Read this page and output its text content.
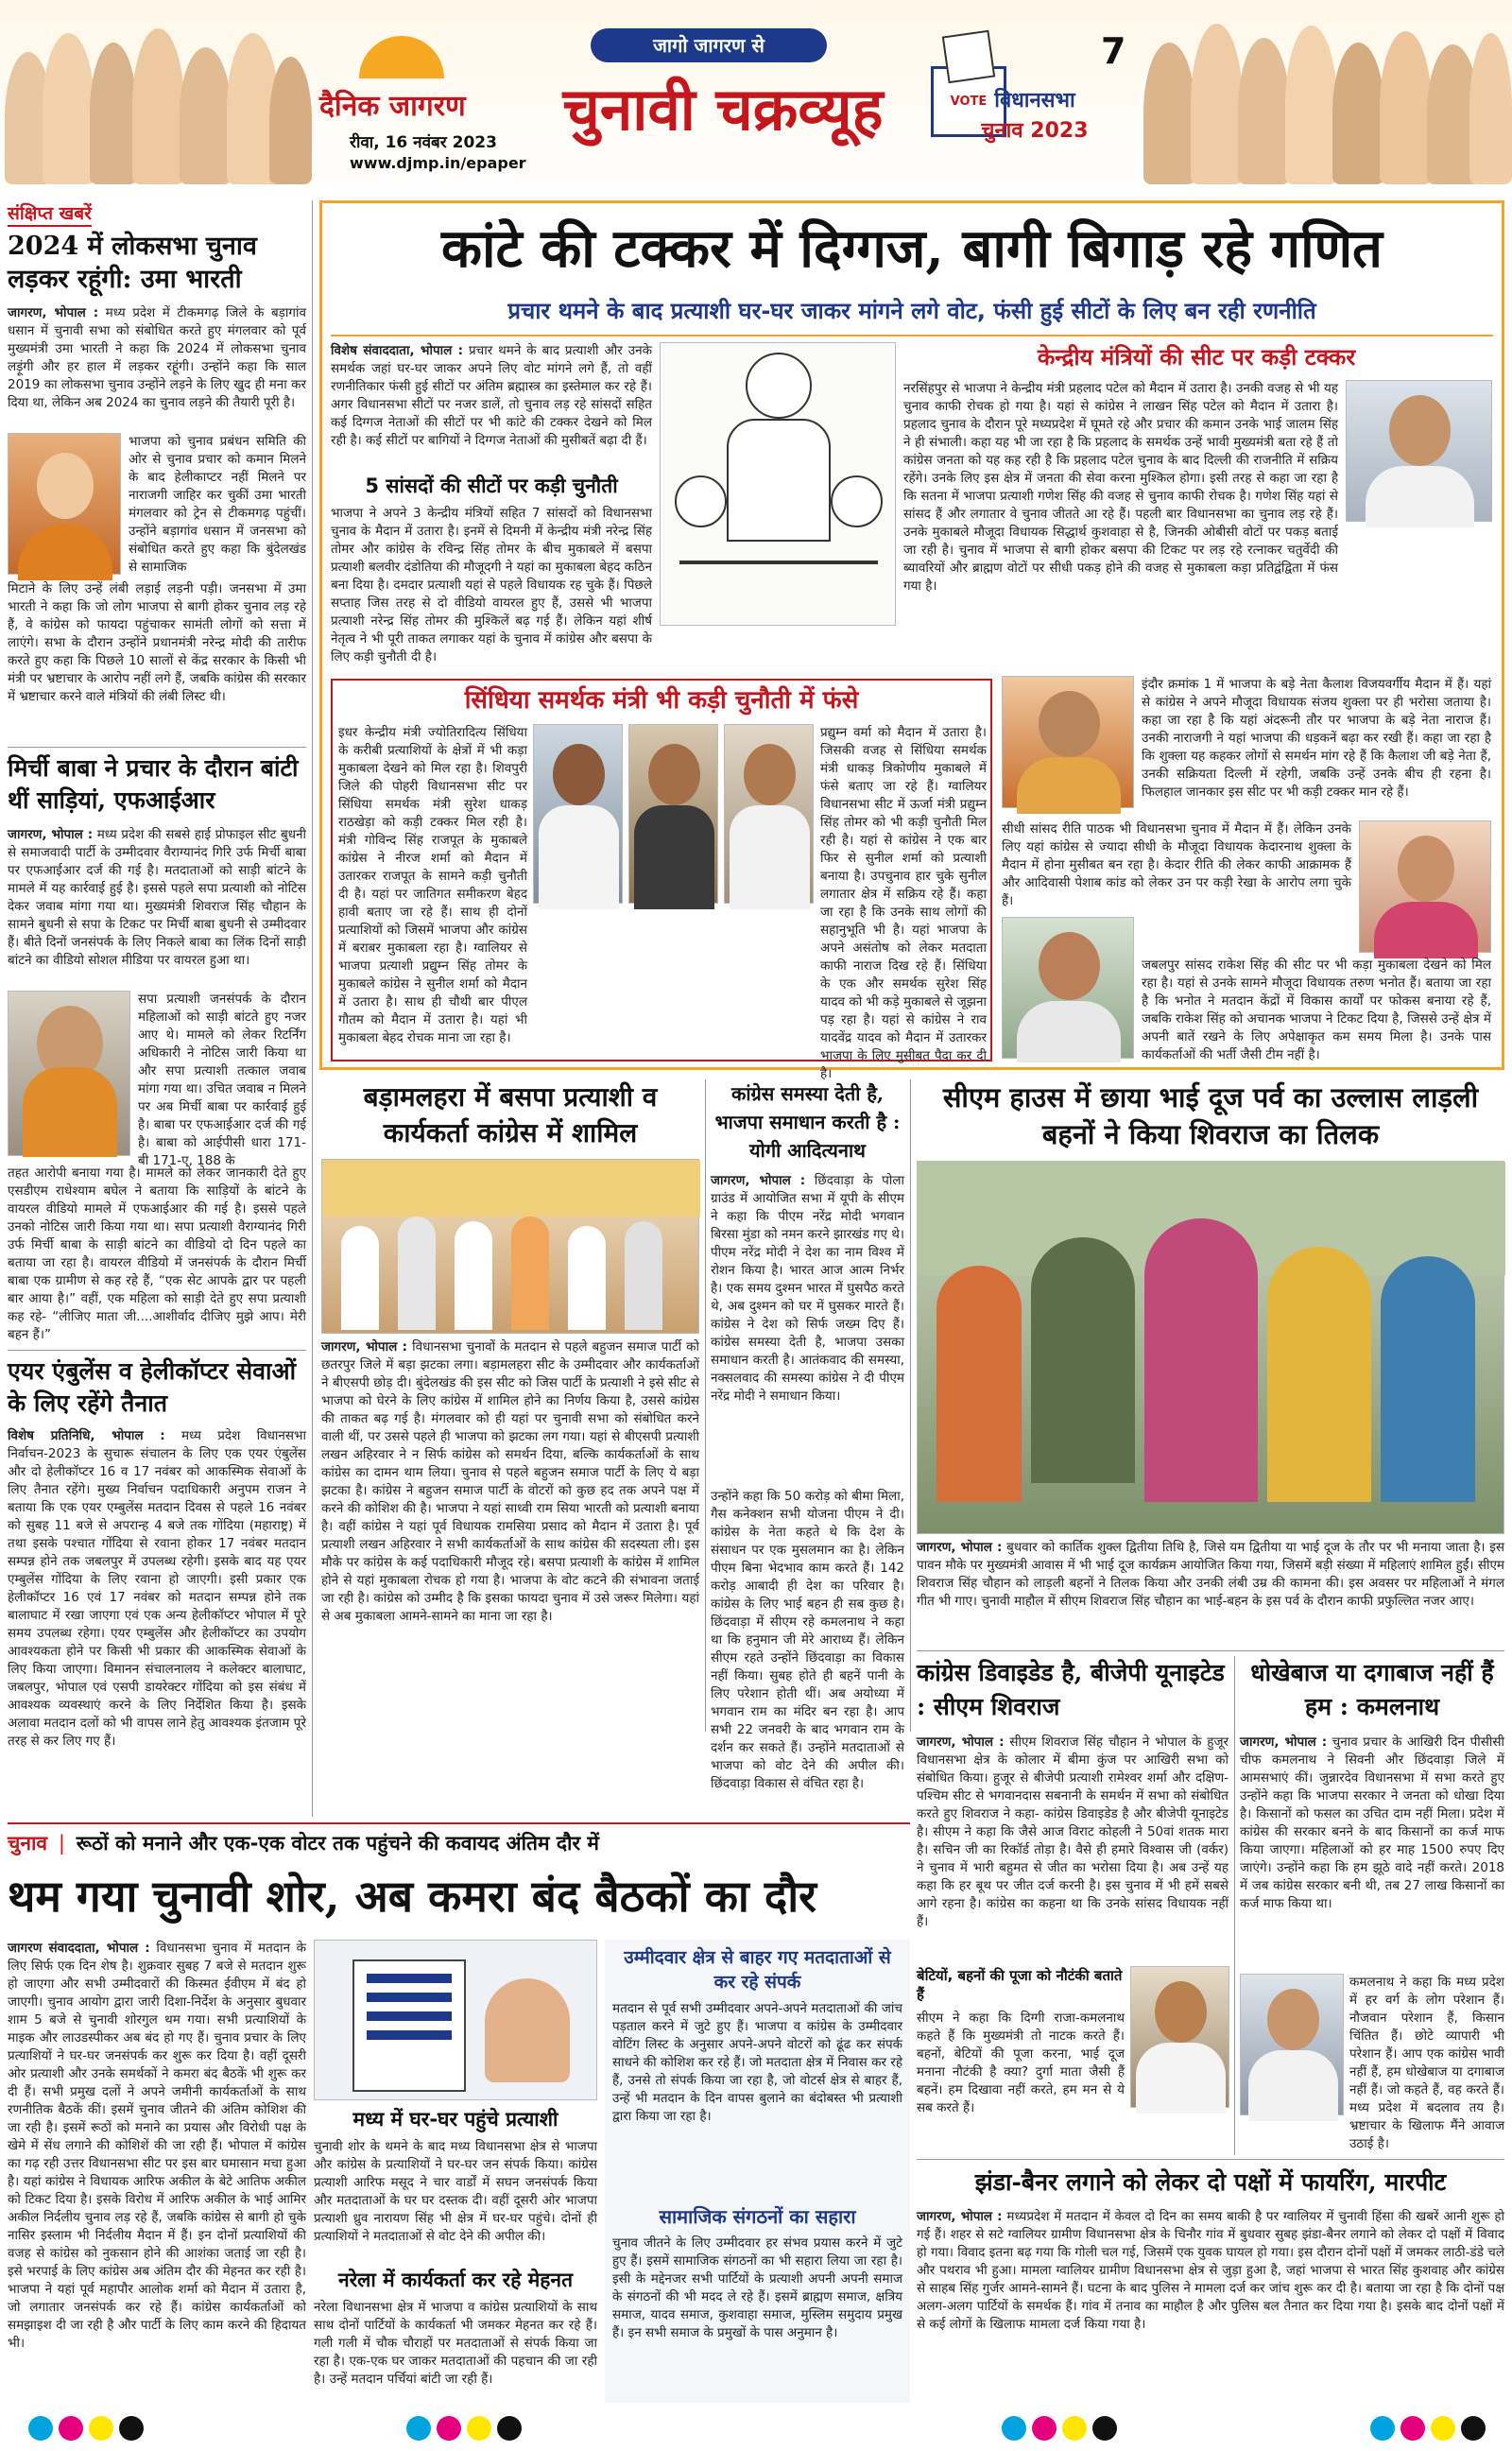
दैनिक जागरण
रीवा, 16 नवंबर 2023
www.djmp.in/epaper
जागो जागरण से
चुनावी चक्रव्यूह	VOTE विधानसभा
चुनाव 2023
7
संक्षिप्त खबरें
2024 में लोकसभा चुनाव लड़कर रहूंगी: उमा भारती
जागरण, भोपाल : मध्य प्रदेश में टीकमगढ़ जिले के बड़ागांव धसान में चुनावी सभा को संबोधित करते हुए मंगलवार को पूर्व मुख्यमंत्री उमा भारती ने कहा कि 2024 में लोकसभा चुनाव लड़ूंगी और हर हाल में लड़कर रहूंगी। उन्होंने कहा कि साल 2019 का लोकसभा चुनाव उन्होंने लड़ने के लिए खुद ही मना कर दिया था, लेकिन अब 2024 का चुनाव लड़ने की तैयारी पूरी है।
भाजपा को चुनाव प्रबंधन समिति की ओर से चुनाव प्रचार को कमान मिलने के बाद हेलीकाप्टर नहीं मिलने पर नाराजगी जाहिर कर चुकीं उमा भारती मंगलवार को ट्रेन से टीकमगढ़ पहुंचीं। उन्होंने बड़ागांव धसान में जनसभा को संबोधित करते हुए कहा कि बुंदेलखंड से सामाजिक
मिटाने के लिए उन्हें लंबी लड़ाई लड़नी पड़ी। जनसभा में उमा भारती ने कहा कि जो लोग भाजपा से बागी होकर चुनाव लड़ रहे हैं, वे कांग्रेस को फायदा पहुंचाकर सामंती लोगों को सत्ता में लाएंगे। सभा के दौरान उन्होंने प्रधानमंत्री नरेन्द्र मोदी की तारीफ करते हुए कहा कि पिछले 10 सालों से केंद्र सरकार के किसी भी मंत्री पर भ्रष्टाचार के आरोप नहीं लगे हैं, जबकि कांग्रेस की सरकार में भ्रष्टाचार करने वाले मंत्रियों की लंबी लिस्ट थी।
मिर्ची बाबा ने प्रचार के दौरान बांटी थीं साड़ियां, एफआईआर
जागरण, भोपाल : मध्य प्रदेश की सबसे हाई प्रोफाइल सीट बुधनी से समाजवादी पार्टी के उम्मीदवार वैराग्यानंद गिरि उर्फ मिर्ची बाबा पर एफआईआर दर्ज की गई है। मतदाताओं को साड़ी बांटने के मामले में यह कार्रवाई हुई है। इससे पहले सपा प्रत्याशी को नोटिस देकर जवाब मांगा गया था। मुख्यमंत्री शिवराज सिंह चौहान के सामने बुधनी से सपा के टिकट पर मिर्ची बाबा बुधनी से उम्मीदवार हैं। बीते दिनों जनसंपर्क के लिए निकले बाबा का लिंक दिनों साड़ी बांटने का वीडियो सोशल मीडिया पर वायरल हुआ था।
सपा प्रत्याशी जनसंपर्क के दौरान महिलाओं को साड़ी बांटते हुए नजर आए थे। मामले को लेकर रिटर्निंग अधिकारी ने नोटिस जारी किया था और सपा प्रत्याशी तत्काल जवाब मांगा गया था। उचित जवाब न मिलने पर अब मिर्ची बाबा पर कार्रवाई हुई है। बाबा पर एफआईआर दर्ज की गई है। बाबा को आईपीसी धारा 171- बी 171-ए, 188 के
तहत आरोपी बनाया गया है। मामले को लेकर जानकारी देते हुए एसडीएम राधेश्याम बघेल ने बताया कि साड़ियों के बांटने के वायरल वीडियो मामले में एफआईआर की गई है। इससे पहले उनको नोटिस जारी किया गया था। सपा प्रत्याशी वैराग्यानंद गिरी उर्फ मिर्ची बाबा के साड़ी बांटने का वीडियो दो दिन पहले का बताया जा रहा है। वायरल वीडियो में जनसंपर्क के दौरान मिर्ची बाबा एक ग्रामीण से कह रहे हैं, “एक सेट आपके द्वार पर पहली बार आया है।” वहीं, एक महिला को साड़ी देते हुए सपा प्रत्याशी कह रहे- “लीजिए माता जी....आशीर्वाद दीजिए मुझे आप। मेरी बहन हैं।”
एयर एंबुलेंस व हेलीकॉप्टर सेवाओं के लिए रहेंगे तैनात
विशेष प्रतिनिधि, भोपाल : मध्य प्रदेश विधानसभा निर्वाचन-2023 के सुचारू संचालन के लिए एक एयर एंबुलेंस और दो हेलीकॉप्टर 16 व 17 नवंबर को आकस्मिक सेवाओं के लिए तैनात रहेंगे। मुख्य निर्वाचन पदाधिकारी अनुपम राजन ने बताया कि एक एयर एम्बुलेंस मतदान दिवस से पहले 16 नवंबर को सुबह 11 बजे से अपरान्ह 4 बजे तक गोंदिया (महाराष्ट्र) में तथा इसके पश्चात गोंदिया से रवाना होकर 17 नवंबर मतदान सम्पन्न होने तक जबलपुर में उपलब्ध रहेगी। इसके बाद यह एयर एम्बुलेंस गोंदिया के लिए रवाना हो जाएगी। इसी प्रकार एक हेलीकॉप्टर 16 एवं 17 नवंबर को मतदान सम्पन्न होने तक बालाघाट में रखा जाएगा एवं एक अन्य हेलीकॉप्टर भोपाल में पूरे समय उपलब्ध रहेगा। एयर एम्बुलेंस और हेलीकॉप्टर का उपयोग आवश्यकता होने पर किसी भी प्रकार की आकस्मिक सेवाओं के लिए किया जाएगा। विमानन संचालनालय ने कलेक्टर बालाघाट, जबलपुर, भोपाल एवं एसपी डायरेक्टर गोंदिया को इस संबंध में आवश्यक व्यवस्थाएं करने के लिए निर्देशित किया है। इसके अलावा मतदान दलों को भी वापस लाने हेतु आवश्यक इंतजाम पूरे तरह से कर लिए गए हैं।
कांटे की टक्कर में दिग्गज, बागी बिगाड़ रहे गणित
प्रचार थमने के बाद प्रत्याशी घर-घर जाकर मांगने लगे वोट, फंसी हुई सीटों के लिए बन रही रणनीति
विशेष संवाददाता, भोपाल : प्रचार थमने के बाद प्रत्याशी और उनके समर्थक जहां घर-घर जाकर अपने लिए वोट मांगने लगे हैं, तो वहीं रणनीतिकार फंसी हुई सीटों पर अंतिम ब्रह्मास्त्र का इस्तेमाल कर रहे हैं। अगर विधानसभा सीटों पर नजर डालें, तो चुनाव लड़ रहे सांसदों सहित कई दिग्गज नेताओं की सीटों पर भी कांटे की टक्कर देखने को मिल रही है। कई सीटों पर बागियों ने दिग्गज नेताओं की मुसीबतें बढ़ा दी हैं।
5 सांसदों की सीटों पर कड़ी चुनौती
भाजपा ने अपने 3 केन्द्रीय मंत्रियों सहित 7 सांसदों को विधानसभा चुनाव के मैदान में उतारा है। इनमें से दिमनी में केन्द्रीय मंत्री नरेन्द्र सिंह तोमर और कांग्रेस के रविन्द्र सिंह तोमर के बीच मुकाबले में बसपा प्रत्याशी बलवीर दंडोतिया की मौजूदगी ने यहां का मुकाबला बेहद कठिन बना दिया है। दमदार प्रत्याशी यहां से पहले विधायक रह चुके हैं। पिछले सप्ताह जिस तरह से दो वीडियो वायरल हुए हैं, उससे भी भाजपा प्रत्याशी नरेन्द्र सिंह तोमर की मुश्किलें बढ़ गई हैं। लेकिन यहां शीर्ष नेतृत्व ने भी पूरी ताकत लगाकर यहां के चुनाव में कांग्रेस और बसपा के लिए कड़ी चुनौती दी है।
केन्द्रीय मंत्रियों की सीट पर कड़ी टक्कर
नरसिंहपुर से भाजपा ने केन्द्रीय मंत्री प्रहलाद पटेल को मैदान में उतारा है। उनकी वजह से भी यह चुनाव काफी रोचक हो गया है। यहां से कांग्रेस ने लाखन सिंह पटेल को मैदान में उतारा है। प्रहलाद चुनाव के दौरान पूरे मध्यप्रदेश में घूमते रहे और प्रचार की कमान उनके भाई जालम सिंह ने ही संभाली। कहा यह भी जा रहा है कि प्रहलाद के समर्थक उन्हें भावी मुख्यमंत्री बता रहे हैं तो कांग्रेस जनता को यह कह रही है कि प्रहलाद पटेल चुनाव के बाद दिल्ली की राजनीति में सक्रिय रहेंगे। उनके लिए इस क्षेत्र में जनता की सेवा करना मुश्किल होगा। इसी तरह से कहा जा रहा है कि सतना में भाजपा प्रत्याशी गणेश सिंह की वजह से चुनाव काफी रोचक है। गणेश सिंह यहां से सांसद हैं और लगातार वे चुनाव जीतते आ रहे हैं। पहली बार विधानसभा का चुनाव लड़ रहे हैं। उनके मुकाबले मौजूदा विधायक सिद्धार्थ कुशवाहा से है, जिनकी ओबीसी वोटों पर पकड़ बताई जा रही है। चुनाव में भाजपा से बागी होकर बसपा की टिकट पर लड़ रहे रत्नाकर चतुर्वेदी की ब्यावरियों और ब्राह्मण वोटों पर सीधी पकड़ होने की वजह से मुकाबला कड़ा प्रतिद्वंद्विता में फंस गया है।
इंदौर क्रमांक 1 में भाजपा के बड़े नेता कैलाश विजयवर्गीय मैदान में हैं। यहां से कांग्रेस ने अपने मौजूदा विधायक संजय शुक्ला पर ही भरोसा जताया है। कहा जा रहा है कि यहां अंदरूनी तौर पर भाजपा के बड़े नेता नाराज हैं। उनकी नाराजगी ने यहां भाजपा की धड़कनें बढ़ा कर रखी हैं। कहा जा रहा है कि शुक्ला यह कहकर लोगों से समर्थन मांग रहे हैं कि कैलाश जी बड़े नेता हैं, उनकी सक्रियता दिल्ली में रहेगी, जबकि उन्हें उनके बीच ही रहना है। फिलहाल जानकार इस सीट पर भी कड़ी टक्कर मान रहे हैं।
सीधी सांसद रीति पाठक भी विधानसभा चुनाव में मैदान में हैं। लेकिन उनके लिए यहां कांग्रेस से ज्यादा सीधी के मौजूदा विधायक केदारनाथ शुक्ला के मैदान में होना मुसीबत बन रहा है। केदार रीति की लेकर काफी आक्रामक हैं और आदिवासी पेशाब कांड को लेकर उन पर कड़ी रेखा के आरोप लगा चुके हैं।
जबलपुर सांसद राकेश सिंह की सीट पर भी कड़ा मुकाबला देखने को मिल रहा है। यहां से उनके सामने मौजूदा विधायक तरुण भनोत हैं। बताया जा रहा है कि भनोत ने मतदान केंद्रों में विकास कार्यों पर फोकस बनाया रहे हैं, जबकि राकेश सिंह को अचानक भाजपा ने टिकट दिया है, जिससे उन्हें क्षेत्र में अपनी बातें रखने के लिए अपेक्षाकृत कम समय मिला है। उनके पास कार्यकर्ताओं की भर्ती जैसी टीम नहीं है।
सिंधिया समर्थक मंत्री भी कड़ी चुनौती में फंसे
इधर केन्द्रीय मंत्री ज्योतिरादित्य सिंधिया के करीबी प्रत्याशियों के क्षेत्रों में भी कड़ा मुकाबला देखने को मिल रहा है। शिवपुरी जिले की पोहरी विधानसभा सीट पर सिंधिया समर्थक मंत्री सुरेश धाकड़ राठखेड़ा को कड़ी टक्कर मिल रही है। मंत्री गोविन्द सिंह राजपूत के मुकाबले कांग्रेस ने नीरज शर्मा को मैदान में उतारकर राजपूत के सामने कड़ी चुनौती दी है। यहां पर जातिगत समीकरण बेहद हावी बताए जा रहे हैं। साथ ही दोनों प्रत्याशियों को जिसमें भाजपा और कांग्रेस में बराबर मुकाबला रहा है। ग्वालियर से भाजपा प्रत्याशी प्रद्युम्न सिंह तोमर के मुकाबले कांग्रेस ने सुनील शर्मा को मैदान में उतारा है। साथ ही चौथी बार पीएल गौतम को मैदान में उतारा है। यहां भी मुकाबला बेहद रोचक माना जा रहा है।
प्रद्युम्न वर्मा को मैदान में उतारा है। जिसकी वजह से सिंधिया समर्थक मंत्री धाकड़ त्रिकोणीय मुकाबले में फंसे बताए जा रहे हैं। ग्वालियर विधानसभा सीट में ऊर्जा मंत्री प्रद्युम्न सिंह तोमर को भी कड़ी चुनौती मिल रही है। यहां से कांग्रेस ने एक बार फिर से सुनील शर्मा को प्रत्याशी बनाया है। उपचुनाव हार चुके सुनील लगातार क्षेत्र में सक्रिय रहे हैं। कहा जा रहा है कि उनके साथ लोगों की सहानुभूति भी है। यहां भाजपा के अपने असंतोष को लेकर मतदाता काफी नाराज दिख रहे हैं। सिंधिया के एक और समर्थक सुरेश सिंह यादव को भी कड़े मुकाबले से जूझना पड़ रहा है। यहां से कांग्रेस ने राव यादवेंद्र यादव को मैदान में उतारकर भाजपा के लिए मुसीबत पैदा कर दी है।
बड़ामलहरा में बसपा प्रत्याशी व कार्यकर्ता कांग्रेस में शामिल
जागरण, भोपाल : विधानसभा चुनावों के मतदान से पहले बहुजन समाज पार्टी को छतरपुर जिले में बड़ा झटका लगा। बड़ामलहरा सीट के उम्मीदवार और कार्यकर्ताओं ने बीएसपी छोड़ दी। बुंदेलखंड की इस सीट को जिस पार्टी के प्रत्याशी ने इसे सीट से भाजपा को घेरने के लिए कांग्रेस में शामिल होने का निर्णय किया है, उससे कांग्रेस की ताकत बढ़ गई है। मंगलवार को ही यहां पर चुनावी सभा को संबोधित करने वाली थीं, पर उससे पहले ही भाजपा को झटका लग गया। यहां से बीएसपी प्रत्याशी लखन अहिरवार ने न सिर्फ कांग्रेस को समर्थन दिया, बल्कि कार्यकर्ताओं के साथ कांग्रेस का दामन थाम लिया। चुनाव से पहले बहुजन समाज पार्टी के लिए ये बड़ा झटका है। कांग्रेस ने बहुजन समाज पार्टी के वोटरों को कुछ हद तक अपने पक्ष में करने की कोशिश की है। भाजपा ने यहां साध्वी राम सिया भारती को प्रत्याशी बनाया है। वहीं कांग्रेस ने यहां पूर्व विधायक रामसिया प्रसाद को मैदान में उतारा है। पूर्व प्रत्याशी लखन अहिरवार ने सभी कार्यकर्ताओं के साथ कांग्रेस की सदस्यता ली। इस मौके पर कांग्रेस के कई पदाधिकारी मौजूद रहे। बसपा प्रत्याशी के कांग्रेस में शामिल होने से यहां मुकाबला रोचक हो गया है। भाजपा के वोट कटने की संभावना जताई जा रही है। कांग्रेस को उम्मीद है कि इसका फायदा चुनाव में उसे जरूर मिलेगा। यहां से अब मुकाबला आमने-सामने का माना जा रहा है।
कांग्रेस समस्या देती है, भाजपा समाधान करती है : योगी आदित्यनाथ
जागरण, भोपाल : छिंदवाड़ा के पोला ग्राउंड में आयोजित सभा में यूपी के सीएम ने कहा कि पीएम नरेंद्र मोदी भगवान बिरसा मुंडा को नमन करने झारखंड गए थे। पीएम नरेंद्र मोदी ने देश का नाम विश्व में रोशन किया है। भारत आज आत्म निर्भर है। एक समय दुश्मन भारत में घुसपैठ करते थे, अब दुश्मन को घर में घुसकर मारते हैं। कांग्रेस ने देश को सिर्फ जख्म दिए हैं। कांग्रेस समस्या देती है, भाजपा उसका समाधान करती है। आतंकवाद की समस्या, नक्सलवाद की समस्या कांग्रेस ने दी पीएम नरेंद्र मोदी ने समाधान किया।
उन्होंने कहा कि 50 करोड़ को बीमा मिला, गैस कनेक्शन सभी योजना पीएम ने दी। कांग्रेस के नेता कहते थे कि देश के संसाधन पर एक मुसलमान का है। लेकिन पीएम बिना भेदभाव काम करते हैं। 142 करोड़ आबादी ही देश का परिवार है। कांग्रेस के लिए भाई बहन ही सब कुछ है। छिंदवाड़ा में सीएम रहे कमलनाथ ने कहा था कि हनुमान जी मेरे आराध्य हैं। लेकिन सीएम रहते उन्होंने छिंदवाड़ा का विकास नहीं किया। सुबह होते ही बहनें पानी के लिए परेशान होती थीं। अब अयोध्या में भगवान राम का मंदिर बन रहा है। आप सभी 22 जनवरी के बाद भगवान राम के दर्शन कर सकते हैं। उन्होंने मतदाताओं से भाजपा को वोट देने की अपील की। छिंदवाड़ा विकास से वंचित रहा है।
सीएम हाउस में छाया भाई दूज पर्व का उल्लास लाड़ली बहनों ने किया शिवराज का तिलक
जागरण, भोपाल : बुधवार को कार्तिक शुक्ल द्वितीया तिथि है, जिसे यम द्वितीया या भाई दूज के तौर पर भी मनाया जाता है। इस पावन मौके पर मुख्यमंत्री आवास में भी भाई दूज कार्यक्रम आयोजित किया गया, जिसमें बड़ी संख्या में महिलाएं शामिल हुईं। सीएम शिवराज सिंह चौहान को लाड़ली बहनों ने तिलक किया और उनकी लंबी उम्र की कामना की। इस अवसर पर महिलाओं ने मंगल गीत भी गाए। चुनावी माहौल में सीएम शिवराज सिंह चौहान का भाई-बहन के इस पर्व के दौरान काफी प्रफुल्लित नजर आए।
कांग्रेस डिवाइडेड है, बीजेपी यूनाइटेड : सीएम शिवराज
जागरण, भोपाल : सीएम शिवराज सिंह चौहान ने भोपाल के हुजूर विधानसभा क्षेत्र के कोलार में बीमा कुंज पर आखिरी सभा को संबोधित किया। हुजूर से बीजेपी प्रत्याशी रामेश्वर शर्मा और दक्षिण-पश्चिम सीट से भगवानदास सबनानी के समर्थन में सभा को संबोधित करते हुए शिवराज ने कहा- कांग्रेस डिवाइडेड है और बीजेपी यूनाइटेड है। सीएम ने कहा कि जैसे आज विराट कोहली ने 50वां शतक मारा है। सचिन जी का रिकॉर्ड तोड़ा है। वैसे ही हमारे विश्वास जी (वर्कर) ने चुनाव में भारी बहुमत से जीत का भरोसा दिया है। अब उन्हें यह कहा कि हर बूथ पर जीत दर्ज करनी है। इस चुनाव में भी हमें सबसे आगे रहना है। कांग्रेस का कहना था कि उनके सांसद विधायक नहीं हैं।
बेटियों, बहनों की पूजा को नौटंकी बताते हैं
सीएम ने कहा कि दिग्गी राजा-कमलनाथ कहते हैं कि मुख्यमंत्री तो नाटक करते हैं। बहनों, बेटियों की पूजा करना, भाई दूज मनाना नौटंकी है क्या? दुर्गा माता जैसी हैं बहनें। हम दिखावा नहीं करते, हम मन से ये सब करते हैं।
धोखेबाज या दगाबाज नहीं हैं हम : कमलनाथ
जागरण, भोपाल : चुनाव प्रचार के आखिरी दिन पीसीसी चीफ कमलनाथ ने सिवनी और छिंदवाड़ा जिले में आमसभाएं कीं। जुन्नारदेव विधानसभा में सभा करते हुए उन्होंने कहा कि भाजपा सरकार ने जनता को धोखा दिया है। किसानों को फसल का उचित दाम नहीं मिला। प्रदेश में कांग्रेस की सरकार बनने के बाद किसानों का कर्ज माफ किया जाएगा। महिलाओं को हर माह 1500 रुपए दिए जाएंगे। उन्होंने कहा कि हम झूठे वादे नहीं करते। 2018 में जब कांग्रेस सरकार बनी थी, तब 27 लाख किसानों का कर्ज माफ किया था।
कमलनाथ ने कहा कि मध्य प्रदेश में हर वर्ग के लोग परेशान हैं। नौजवान परेशान हैं, किसान चिंतित हैं। छोटे व्यापारी भी परेशान हैं। आप एक कांग्रेस भावी नहीं हैं, हम धोखेबाज या दगाबाज नहीं हैं। जो कहते हैं, वह करते हैं। मध्य प्रदेश में बदलाव तय है। भ्रष्टाचार के खिलाफ मैंने आवाज उठाई है।
चुनाव  |  रूठों को मनाने और एक-एक वोटर तक पहुंचने की कवायद अंतिम दौर में
थम गया चुनावी शोर, अब कमरा बंद बैठकों का दौर
जागरण संवाददाता, भोपाल : विधानसभा चुनाव में मतदान के लिए सिर्फ एक दिन शेष है। शुक्रवार सुबह 7 बजे से मतदान शुरू हो जाएगा और सभी उम्मीदवारों की किस्मत ईवीएम में बंद हो जाएगी। चुनाव आयोग द्वारा जारी दिशा-निर्देश के अनुसार बुधवार शाम 5 बजे से चुनावी शोरगुल थम गया। सभी प्रत्याशियों के माइक और लाउडस्पीकर अब बंद हो गए हैं। चुनाव प्रचार के लिए प्रत्याशियों ने घर-घर जनसंपर्क कर शुरू कर दिया है। वहीं दूसरी ओर प्रत्याशी और उनके समर्थकों ने कमरा बंद बैठकें भी शुरू कर दी हैं। सभी प्रमुख दलों ने अपने जमीनी कार्यकर्ताओं के साथ रणनीतिक बैठकें कीं। इसमें चुनाव जीतने की अंतिम कोशिश की जा रही है। इसमें रूठों को मनाने का प्रयास और विरोधी पक्ष के खेमे में सेंध लगाने की कोशिशें की जा रही हैं। भोपाल में कांग्रेस का गढ़ रही उत्तर विधानसभा सीट पर इस बार घमासान मचा हुआ है। यहां कांग्रेस ने विधायक आरिफ अकील के बेटे आतिफ अकील को टिकट दिया है। इसके विरोध में आरिफ अकील के भाई आमिर अकील निर्दलीय चुनाव लड़ रहे हैं, जबकि कांग्रेस से बागी हो चुके नासिर इस्लाम भी निर्दलीय मैदान में हैं। इन दोनों प्रत्याशियों की वजह से कांग्रेस को नुकसान होने की आशंका जताई जा रही है। इसे भरपाई के लिए कांग्रेस अब अंतिम दौर की मेहनत कर रही है। भाजपा ने यहां पूर्व महापौर आलोक शर्मा को मैदान में उतारा है, जो लगातार जनसंपर्क कर रहे हैं। कांग्रेस कार्यकर्ताओं को समझाइश दी जा रही है और पार्टी के लिए काम करने की हिदायत भी।
मध्य में घर-घर पहुंचे प्रत्याशी
चुनावी शोर के थमने के बाद मध्य विधानसभा क्षेत्र से भाजपा और कांग्रेस के प्रत्याशियों ने घर-घर जन संपर्क किया। कांग्रेस प्रत्याशी आरिफ मसूद ने चार वार्डों में सघन जनसंपर्क किया और मतदाताओं के घर घर दस्तक दी। वहीं दूसरी ओर भाजपा प्रत्याशी ध्रुव नारायण सिंह भी क्षेत्र में घर-घर पहुंचे। दोनों ही प्रत्याशियों ने मतदाताओं से वोट देने की अपील की।
नरेला में कार्यकर्ता कर रहे मेहनत
नरेला विधानसभा क्षेत्र में भाजपा व कांग्रेस प्रत्याशियों के साथ साथ दोनों पार्टियों के कार्यकर्ता भी जमकर मेहनत कर रहे हैं। गली गली में चौक चौराहों पर मतदाताओं से संपर्क किया जा रहा है। एक-एक घर जाकर मतदाताओं की पहचान की जा रही है। उन्हें मतदान पर्चियां बांटी जा रही हैं।
उम्मीदवार क्षेत्र से बाहर गए मतदाताओं से कर रहे संपर्क
मतदान से पूर्व सभी उम्मीदवार अपने-अपने मतदाताओं की जांच पड़ताल करने में जुटे हुए हैं। भाजपा व कांग्रेस के उम्मीदवार वोटिंग लिस्ट के अनुसार अपने-अपने वोटरों को ढूंढ कर संपर्क साधने की कोशिश कर रहे हैं। जो मतदाता क्षेत्र में निवास कर रहे हैं, उनसे तो संपर्क किया जा रहा है, जो वोटर्स क्षेत्र से बाहर हैं, उन्हें भी मतदान के दिन वापस बुलाने का बंदोबस्त भी प्रत्याशी द्वारा किया जा रहा है।
सामाजिक संगठनों का सहारा
चुनाव जीतने के लिए उम्मीदवार हर संभव प्रयास करने में जुटे हुए हैं। इसमें सामाजिक संगठनों का भी सहारा लिया जा रहा है। इसी के मद्देनजर सभी पार्टियों के प्रत्याशी अपनी अपनी समाज के संगठनों की भी मदद ले रहे हैं। इसमें ब्राह्मण समाज, क्षत्रिय समाज, यादव समाज, कुशवाहा समाज, मुस्लिम समुदाय प्रमुख हैं। इन सभी समाज के प्रमुखों के पास अनुमान है।
झंडा-बैनर लगाने को लेकर दो पक्षों में फायरिंग, मारपीट
जागरण, भोपाल : मध्यप्रदेश में मतदान में केवल दो दिन का समय बाकी है पर ग्वालियर में चुनावी हिंसा की खबरें आनी शुरू हो गई हैं। शहर से सटे ग्वालियर ग्रामीण विधानसभा क्षेत्र के चिनौर गांव में बुधवार सुबह झंडा-बैनर लगाने को लेकर दो पक्षों में विवाद हो गया। विवाद इतना बढ़ गया कि गोली चल गई, जिसमें एक युवक घायल हो गया। इस दौरान दोनों पक्षों में जमकर लाठी-डंडे चले और पथराव भी हुआ। मामला ग्वालियर ग्रामीण विधानसभा क्षेत्र से जुड़ा हुआ है, जहां भाजपा से भारत सिंह कुशवाह और कांग्रेस से साहब सिंह गुर्जर आमने-सामने हैं। घटना के बाद पुलिस ने मामला दर्ज कर जांच शुरू कर दी है। बताया जा रहा है कि दोनों पक्ष अलग-अलग पार्टियों के समर्थक हैं। गांव में तनाव का माहौल है और पुलिस बल तैनात कर दिया गया है। इसके बाद दोनों पक्षों में से कई लोगों के खिलाफ मामला दर्ज किया गया है।
